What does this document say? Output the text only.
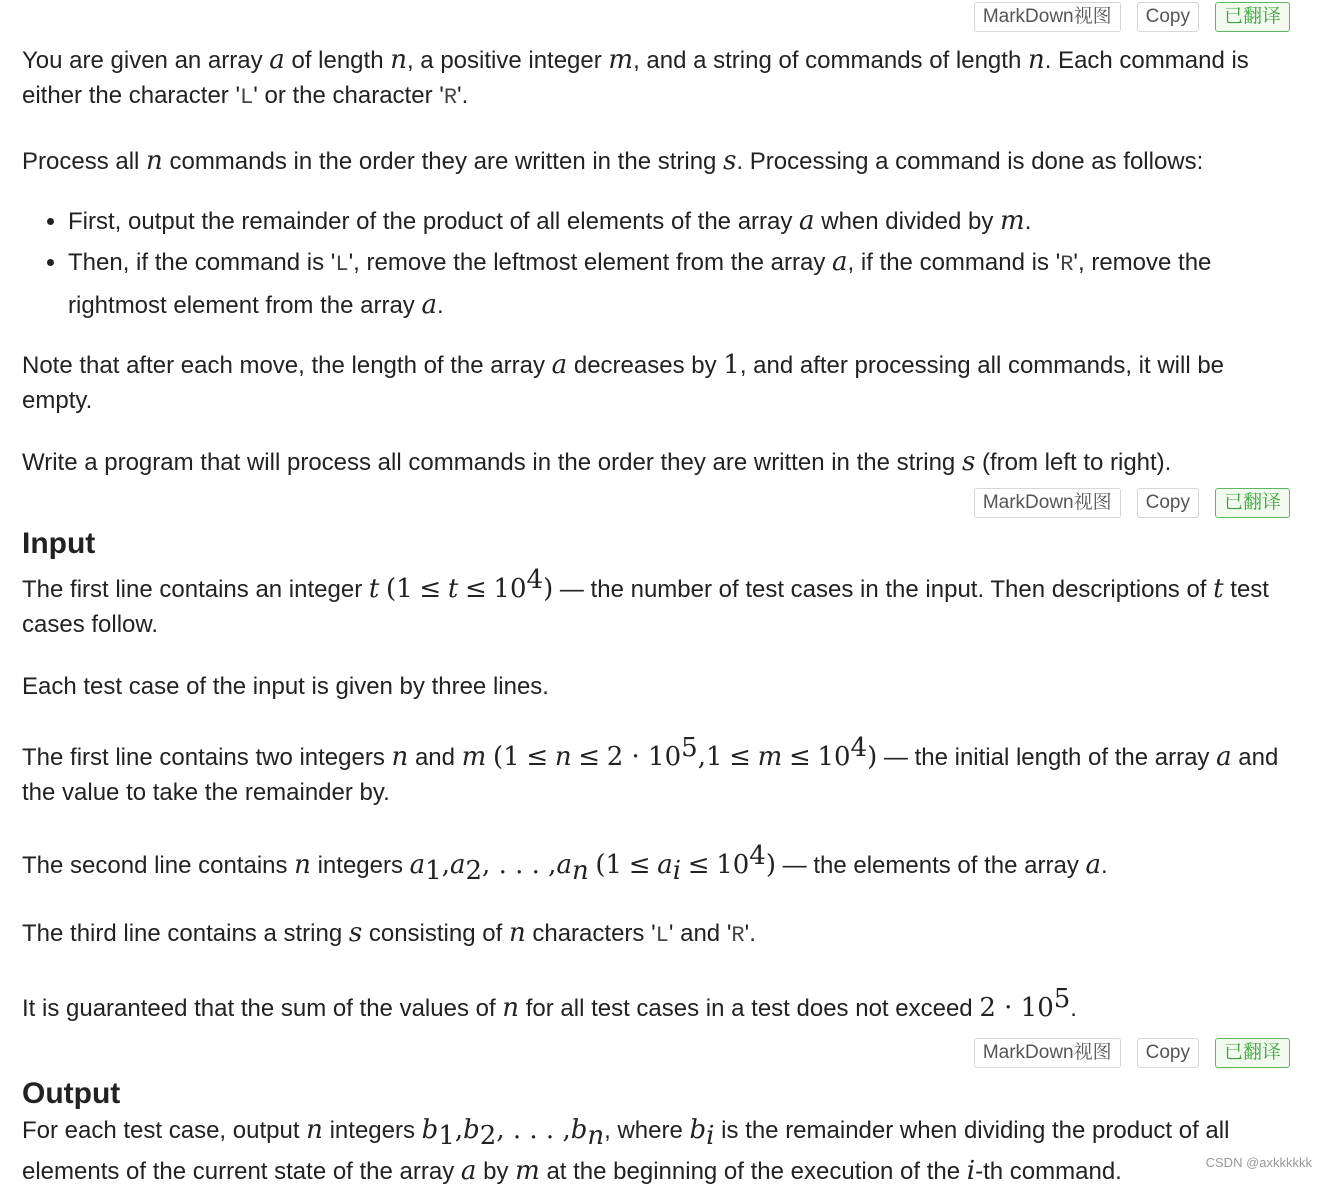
MarkDown视图	Copy	已翻译

You are given an array a of length n, a positive integer m, and a string of commands of length n. Each command is either the character 'L' or the character 'R'.

Process all n commands in the order they are written in the string s. Processing a command is done as follows:

• First, output the remainder of the product of all elements of the array a when divided by m.
• Then, if the command is 'L', remove the leftmost element from the array a, if the command is 'R', remove the rightmost element from the array a.

Note that after each move, the length of the array a decreases by 1, and after processing all commands, it will be empty.

Write a program that will process all commands in the order they are written in the string s (from left to right).

MarkDown视图	Copy	已翻译
Input

The first line contains an integer t $(1 \le t \le 10^4)$ — the number of test cases in the input. Then descriptions of t test cases follow.

Each test case of the input is given by three lines.

The first line contains two integers n and m $(1 \le n \le 2 \cdot 10^5,1 \le m \le 10^4)$ — the initial length of the array a and the value to take the remainder by.

The second line contains n integers $a_1,a_2$, . . . $,a_n$ $(1 \le a_i \le 10^4)$ — the elements of the array a.

The third line contains a string s consisting of n characters 'L' and 'R'.

It is guaranteed that the sum of the values of n for all test cases in a test does not exceed $2 \cdot 10^5$.

MarkDown视图	Copy	已翻译
Output

For each test case, output n integers $b_1,b_2$, . . . $,b_n$, where $b_i$ is the remainder when dividing the product of all elements of the current state of the array a by m at the beginning of the execution of the i-th command.	CSDN @axkkkkkk
